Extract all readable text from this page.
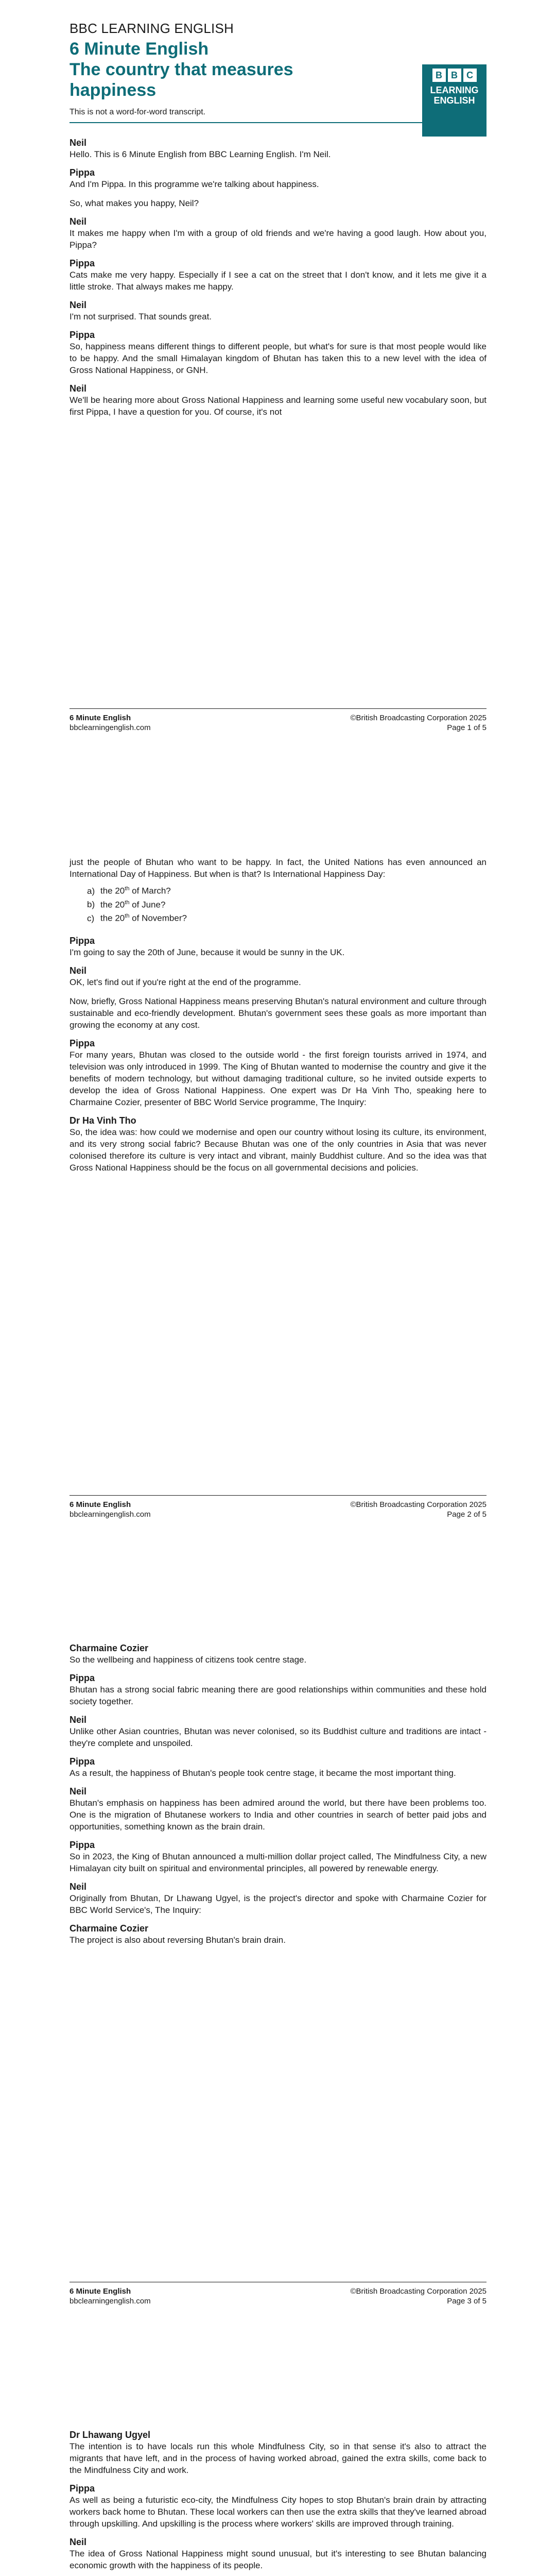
BBC LEARNING ENGLISH
6 Minute English
The country that measures happiness
This is not a word-for-word transcript.

Neil

Hello. This is 6 Minute English from BBC Learning English. I'm Neil.

Pippa

And I'm Pippa. In this programme we're talking about happiness.

So, what makes you happy, Neil?

Neil

It makes me happy when I'm with a group of old friends and we're having a good laugh. How about you, Pippa?

Pippa

Cats make me very happy. Especially if I see a cat on the street that I don't know, and it lets me give it a little stroke. That always makes me happy.

Neil

I'm not surprised. That sounds great.

Pippa

So, happiness means different things to different people, but what's for sure is that most people would like to be happy. And the small Himalayan kingdom of Bhutan has taken this to a new level with the idea of Gross National Happiness, or GNH.

Neil

We'll be hearing more about Gross National Happiness and learning some useful new vocabulary soon, but first Pippa, I have a question for you. Of course, it's not

B B C
LEARNING
ENGLISH
6 Minute English	©British Broadcasting Corporation 2025
bbclearningenglish.com	Page 1 of 5

just the people of Bhutan who want to be happy. In fact, the United Nations has even announced an International Day of Happiness. But when is that? Is International Happiness Day:

a) the 20th of March?
b) the 20th of June?
c) the 20th of November?

Pippa

I'm going to say the 20th of June, because it would be sunny in the UK.

Neil

OK, let's find out if you're right at the end of the programme.

Now, briefly, Gross National Happiness means preserving Bhutan's natural environment and culture through sustainable and eco-friendly development. Bhutan's government sees these goals as more important than growing the economy at any cost.

Pippa

For many years, Bhutan was closed to the outside world - the first foreign tourists arrived in 1974, and television was only introduced in 1999. The King of Bhutan wanted to modernise the country and give it the benefits of modern technology, but without damaging traditional culture, so he invited outside experts to develop the idea of Gross National Happiness. One expert was Dr Ha Vinh Tho, speaking here to Charmaine Cozier, presenter of BBC World Service programme, The Inquiry:

Dr Ha Vinh Tho

So, the idea was: how could we modernise and open our country without losing its culture, its environment, and its very strong social fabric? Because Bhutan was one of the only countries in Asia that was never colonised therefore its culture is very intact and vibrant, mainly Buddhist culture. And so the idea was that Gross National Happiness should be the focus on all governmental decisions and policies.

6 Minute English	©British Broadcasting Corporation 2025
bbclearningenglish.com	Page 2 of 5

Charmaine Cozier

So the wellbeing and happiness of citizens took centre stage.

Pippa

Bhutan has a strong social fabric meaning there are good relationships within communities and these hold society together.

Neil

Unlike other Asian countries, Bhutan was never colonised, so its Buddhist culture and traditions are intact - they're complete and unspoiled.

Pippa

As a result, the happiness of Bhutan's people took centre stage, it became the most important thing.

Neil

Bhutan's emphasis on happiness has been admired around the world, but there have been problems too. One is the migration of Bhutanese workers to India and other countries in search of better paid jobs and opportunities, something known as the brain drain.

Pippa

So in 2023, the King of Bhutan announced a multi-million dollar project called, The Mindfulness City, a new Himalayan city built on spiritual and environmental principles, all powered by renewable energy.

Neil

Originally from Bhutan, Dr Lhawang Ugyel, is the project's director and spoke with Charmaine Cozier for BBC World Service's, The Inquiry:

Charmaine Cozier

The project is also about reversing Bhutan's brain drain.

6 Minute English	©British Broadcasting Corporation 2025
bbclearningenglish.com	Page 3 of 5

Dr Lhawang Ugyel

The intention is to have locals run this whole Mindfulness City, so in that sense it's also to attract the migrants that have left, and in the process of having worked abroad, gained the extra skills, come back to the Mindfulness City and work.

Pippa

As well as being a futuristic eco-city, the Mindfulness City hopes to stop Bhutan's brain drain by attracting workers back home to Bhutan. These local workers can then use the extra skills that they've learned abroad through upskilling. And upskilling is the process where workers' skills are improved through training.

Neil

The idea of Gross National Happiness might sound unusual, but it's interesting to see Bhutan balancing economic growth with the happiness of its people.
